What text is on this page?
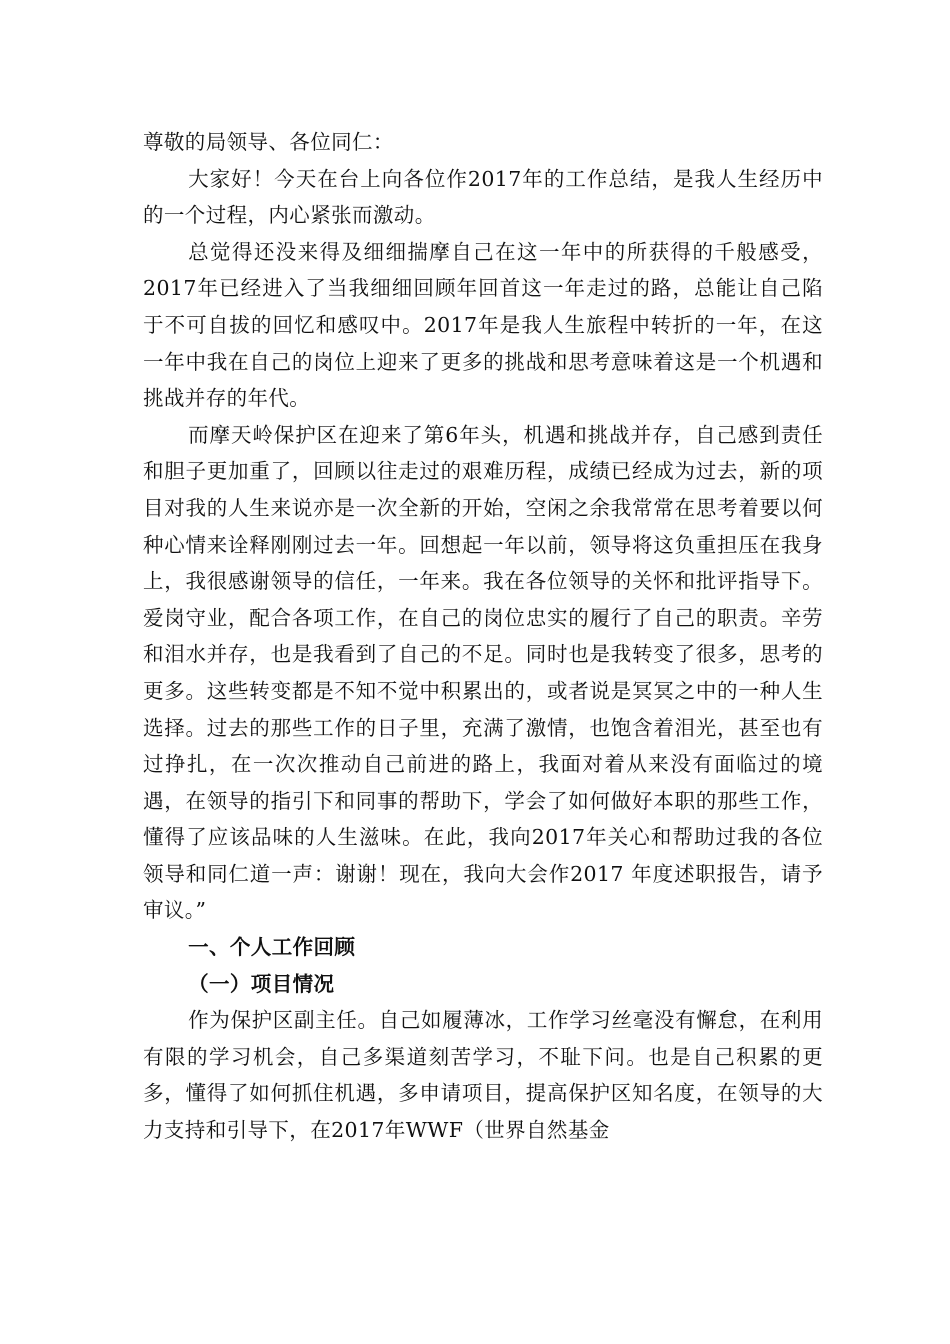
尊敬的局领导、各位同仁：

大家好！今天在台上向各位作2017年的工作总结，是我人生经历中的一个过程，内心紧张而激动。

总觉得还没来得及细细揣摩自己在这一年中的所获得的千般感受，2017年已经进入了当我细细回顾年回首这一年走过的路，总能让自己陷于不可自拔的回忆和感叹中。2017年是我人生旅程中转折的一年，在这一年中我在自己的岗位上迎来了更多的挑战和思考意味着这是一个机遇和挑战并存的年代。

而摩天岭保护区在迎来了第6年头，机遇和挑战并存，自己感到责任和胆子更加重了，回顾以往走过的艰难历程，成绩已经成为过去，新的项目对我的人生来说亦是一次全新的开始，空闲之余我常常在思考着要以何种心情来诠释刚刚过去一年。回想起一年以前，领导将这负重担压在我身上，我很感谢领导的信任，一年来。我在各位领导的关怀和批评指导下。爱岗守业，配合各项工作，在自己的岗位忠实的履行了自己的职责。辛劳和泪水并存，也是我看到了自己的不足。同时也是我转变了很多，思考的更多。这些转变都是不知不觉中积累出的，或者说是冥冥之中的一种人生选择。过去的那些工作的日子里，充满了激情，也饱含着泪光，甚至也有过挣扎，在一次次推动自己前进的路上，我面对着从来没有面临过的境遇，在领导的指引下和同事的帮助下，学会了如何做好本职的那些工作，懂得了应该品味的人生滋味。在此，我向2017年关心和帮助过我的各位领导和同仁道一声：谢谢！现在，我向大会作2017 年度述职报告，请予审议。”

一、个人工作回顾

（一）项目情况

作为保护区副主任。自己如履薄冰，工作学习丝毫没有懈怠，在利用有限的学习机会，自己多渠道刻苦学习，不耻下问。也是自己积累的更多，懂得了如何抓住机遇，多申请项目，提高保护区知名度，在领导的大力支持和引导下，在2017年WWF（世界自然基金
